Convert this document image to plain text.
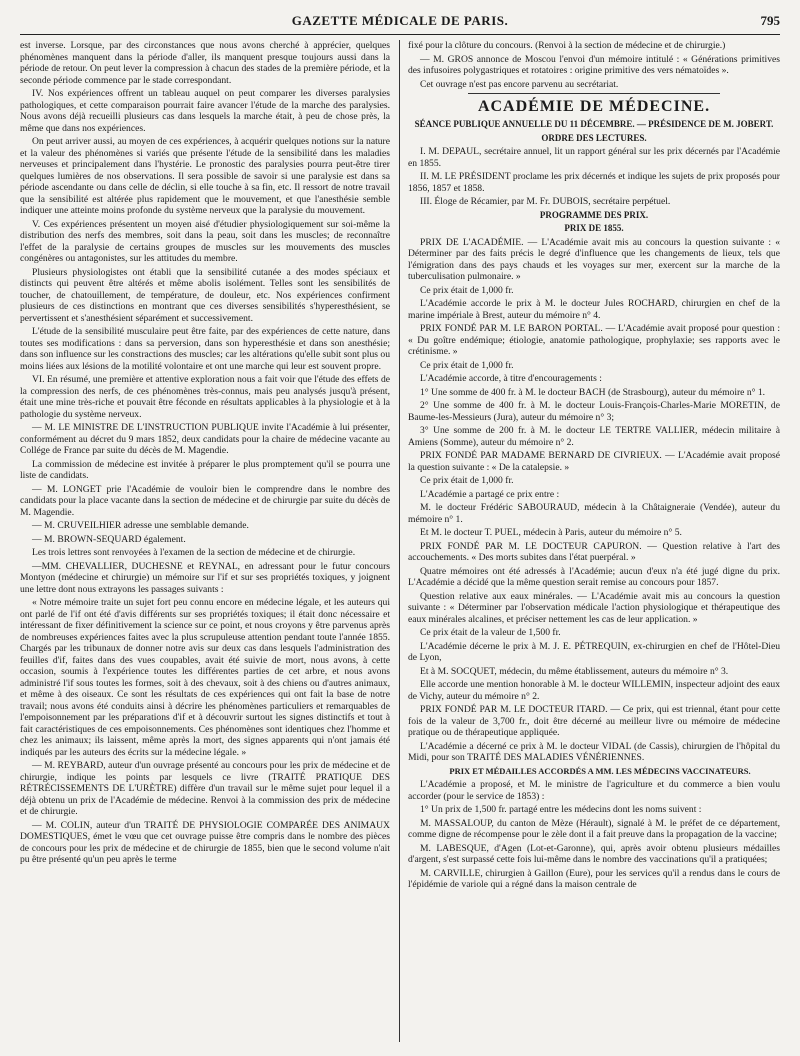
GAZETTE MÉDICALE DE PARIS.	795

est inverse. Lorsque, par des circonstances que nous avons cherché à apprécier, quelques phénomènes manquent dans la période d'aller, ils manquent presque toujours aussi dans la période de retour. On peut lever la compression à chacun des stades de la première période, et la seconde période commence par le stade correspondant.

IV. Nos expériences offrent un tableau auquel on peut comparer les diverses paralysies pathologiques, et cette comparaison pourrait faire avancer l'étude de la marche des paralysies. Nous avons déjà recueilli plusieurs cas dans lesquels la marche était, à peu de chose près, la même que dans nos expériences.

On peut arriver aussi, au moyen de ces expériences, à acquérir quelques notions sur la nature et la valeur des phénomènes si variés que présente l'étude de la sensibilité dans les maladies nerveuses et principalement dans l'hystérie. Le pronostic des paralysies pourra peut-être tirer quelques lumières de nos observations. Il sera possible de savoir si une paralysie est dans sa période ascendante ou dans celle de déclin, si elle touche à sa fin, etc. Il ressort de notre travail que la sensibilité est altérée plus rapidement que le mouvement, et que l'anesthésie semble indiquer une atteinte moins profonde du système nerveux que la paralysie du mouvement.

V. Ces expériences présentent un moyen aisé d'étudier physiologiquement sur soi-même la distribution des nerfs des membres, soit dans la peau, soit dans les muscles; de reconnaître l'effet de la paralysie de certains groupes de muscles sur les mouvements des muscles congénères ou antagonistes, sur les attitudes du membre.

Plusieurs physiologistes ont établi que la sensibilité cutanée a des modes spéciaux et distincts qui peuvent être altérés et même abolis isolément. Telles sont les sensibilités de toucher, de chatouillement, de température, de douleur, etc. Nos expériences confirment plusieurs de ces distinctions en montrant que ces diverses sensibilités s'hyperesthésient, se pervertissent et s'anesthésient séparément et successivement.

L'étude de la sensibilité musculaire peut être faite, par des expériences de cette nature, dans toutes ses modifications : dans sa perversion, dans son hyperesthésie et dans son anesthésie; dans son influence sur les constractions des muscles; car les altérations qu'elle subit sont plus ou moins liées aux lésions de la motilité volontaire et ont une marche qui leur est souvent propre.

VI. En résumé, une première et attentive exploration nous a fait voir que l'étude des effets de la compression des nerfs, de ces phénomènes très-connus, mais peu analysés jusqu'à présent, était une mine très-riche et pouvait être féconde en résultats applicables à la physiologie et à la pathologie du système nerveux.

— M. LE MINISTRE DE L'INSTRUCTION PUBLIQUE invite l'Académie à lui présenter, conformément au décret du 9 mars 1852, deux candidats pour la chaire de médecine vacante au Collége de France par suite du décès de M. Magendie.

La commission de médecine est invitée à préparer le plus promptement qu'il se pourra une liste de candidats.

— M. LONGET prie l'Académie de vouloir bien le comprendre dans le nombre des candidats pour la place vacante dans la section de médecine et de chirurgie par suite du décès de M. Magendie.

— M. CRUVEILHIER adresse une semblable demande.

— M. BROWN-SEQUARD également.

Les trois lettres sont renvoyées à l'examen de la section de médecine et de chirurgie.

—MM. CHEVALLIER, DUCHESNE et REYNAL, en adressant pour le futur concours Montyon (médecine et chirurgie) un mémoire sur l'if et sur ses propriétés toxiques, y joignent une lettre dont nous extrayons les passages suivants :

« Notre mémoire traite un sujet fort peu connu encore en médecine légale, et les auteurs qui ont parlé de l'if ont été d'avis différents sur ses propriétés toxiques; il était donc nécessaire et intéressant de fixer définitivement la science sur ce point, et nous croyons y être parvenus après de nombreuses expériences faites avec la plus scrupuleuse attention pendant toute l'année 1855. Chargés par les tribunaux de donner notre avis sur deux cas dans lesquels l'administration des feuilles d'if, faites dans des vues coupables, avait été suivie de mort, nous avons, à cette occasion, soumis à l'expérience toutes les différentes parties de cet arbre, et nous avons administré l'if sous toutes les formes, soit à des chevaux, soit à des chiens ou d'autres animaux, et même à des oiseaux. Ce sont les résultats de ces expériences qui ont fait la base de notre travail; nous avons été conduits ainsi à décrire les phénomènes particuliers et remarquables de l'empoisonnement par les préparations d'if et à découvrir surtout les signes distinctifs et tout à fait caractéristiques de ces empoisonnements. Ces phénomènes sont identiques chez l'homme et chez les animaux; ils laissent, même après la mort, des signes apparents qui n'ont jamais été indiqués par les auteurs des écrits sur la médecine légale. »

— M. REYBARD, auteur d'un ouvrage présenté au concours pour les prix de médecine et de chirurgie, indique les points par lesquels ce livre (TRAITÉ PRATIQUE DES RÉTRÉCISSEMENTS DE L'URÈTRE) diffère d'un travail sur le même sujet pour lequel il a déjà obtenu un prix de l'Académie de médecine. Renvoi à la commission des prix de médecine et de chirurgie.

— M. COLIN, auteur d'un TRAITÉ DE PHYSIOLOGIE COMPARÉE DES ANIMAUX DOMESTIQUES, émet le vœu que cet ouvrage puisse être compris dans le nombre des pièces de concours pour les prix de médecine et de chirurgie de 1855, bien que le second volume n'ait pu être présenté qu'un peu après le terme

fixé pour la clôture du concours. (Renvoi à la section de médecine et de chirurgie.)

— M. GROS annonce de Moscou l'envoi d'un mémoire intitulé : « Générations primitives des infusoires polygastriques et rotatoires : origine primitive des vers nématoïdes ».

Cet ouvrage n'est pas encore parvenu au secrétariat.

ACADÉMIE DE MÉDECINE.

SÉANCE PUBLIQUE ANNUELLE DU 11 DÉCEMBRE. — PRÉSIDENCE DE M. JOBERT.

ORDRE DES LECTURES.

I. M. DEPAUL, secrétaire annuel, lit un rapport général sur les prix décernés par l'Académie en 1855.

II. M. LE PRÉSIDENT proclame les prix décernés et indique les sujets de prix proposés pour 1856, 1857 et 1858.

III. Éloge de Récamier, par M. Fr. DUBOIS, secrétaire perpétuel.

PROGRAMME DES PRIX.

PRIX DE 1855.

PRIX DE L'ACADÉMIE. — L'Académie avait mis au concours la question suivante : « Déterminer par des faits précis le degré d'influence que les changements de lieux, tels que l'émigration dans des pays chauds et les voyages sur mer, exercent sur la marche de la tuberculisation pulmonaire. »

Ce prix était de 1,000 fr.

L'Académie accorde le prix à M. le docteur Jules ROCHARD, chirurgien en chef de la marine impériale à Brest, auteur du mémoire n° 4.

PRIX FONDÉ PAR M. LE BARON PORTAL. — L'Académie avait proposé pour question : « Du goître endémique; étiologie, anatomie pathologique, prophylaxie; ses rapports avec le crétinisme. »

Ce prix était de 1,000 fr.

L'Académie accorde, à titre d'encouragements :

1° Une somme de 400 fr. à M. le docteur BACH (de Strasbourg), auteur du mémoire n° 1.

2° Une somme de 400 fr. à M. le docteur Louis-François-Charles-Marie MORETIN, de Baume-les-Messieurs (Jura), auteur du mémoire n° 3;

3° Une somme de 200 fr. à M. le docteur LE TERTRE VALLIER, médecin militaire à Amiens (Somme), auteur du mémoire n° 2.

PRIX FONDÉ PAR MADAME BERNARD DE CIVRIEUX. — L'Académie avait proposé la question suivante : « De la catalepsie. »

Ce prix était de 1,000 fr.

L'Académie a partagé ce prix entre :

M. le docteur Frédéric SABOURAUD, médecin à la Châtaigneraie (Vendée), auteur du mémoire n° 1.

Et M. le docteur T. PUEL, médecin à Paris, auteur du mémoire n° 5.

PRIX FONDÉ PAR M. LE DOCTEUR CAPURON. — Question relative à l'art des accouchements. « Des morts subites dans l'état puerpéral. »

Quatre mémoires ont été adressés à l'Académie; aucun d'eux n'a été jugé digne du prix. L'Académie a décidé que la même question serait remise au concours pour 1857.

Question relative aux eaux minérales. — L'Académie avait mis au concours la question suivante : « Déterminer par l'observation médicale l'action physiologique et thérapeutique des eaux minérales alcalines, et préciser nettement les cas de leur application. »

Ce prix était de la valeur de 1,500 fr.

L'Académie décerne le prix à M. J. E. PÉTREQUIN, ex-chirurgien en chef de l'Hôtel-Dieu de Lyon,

Et à M. SOCQUET, médecin, du même établissement, auteurs du mémoire n° 3.

Elle accorde une mention honorable à M. le docteur WILLEMIN, inspecteur adjoint des eaux de Vichy, auteur du mémoire n° 2.

PRIX FONDÉ PAR M. LE DOCTEUR ITARD. — Ce prix, qui est triennal, étant pour cette fois de la valeur de 3,700 fr., doit être décerné au meilleur livre ou mémoire de médecine pratique ou de thérapeutique appliquée.

L'Académie a décerné ce prix à M. le docteur VIDAL (de Cassis), chirurgien de l'hôpital du Midi, pour son TRAITÉ DES MALADIES VÉNÉRIENNES.

PRIX ET MÉDAILLES ACCORDÉS A MM. LES MÉDECINS VACCINATEURS.

L'Académie a proposé, et M. le ministre de l'agriculture et du commerce a bien voulu accorder (pour le service de 1853) :

1° Un prix de 1,500 fr. partagé entre les médecins dont les noms suivent :

M. MASSALOUP, du canton de Mèze (Hérault), signalé à M. le préfet de ce département, comme digne de récompense pour le zèle dont il a fait preuve dans la propagation de la vaccine;

M. LABESQUE, d'Agen (Lot-et-Garonne), qui, après avoir obtenu plusieurs médailles d'argent, s'est surpassé cette fois lui-même dans le nombre des vaccinations qu'il a pratiquées;

M. CARVILLE, chirurgien à Gaillon (Eure), pour les services qu'il a rendus dans le cours de l'épidémie de variole qui a régné dans la maison centrale de
